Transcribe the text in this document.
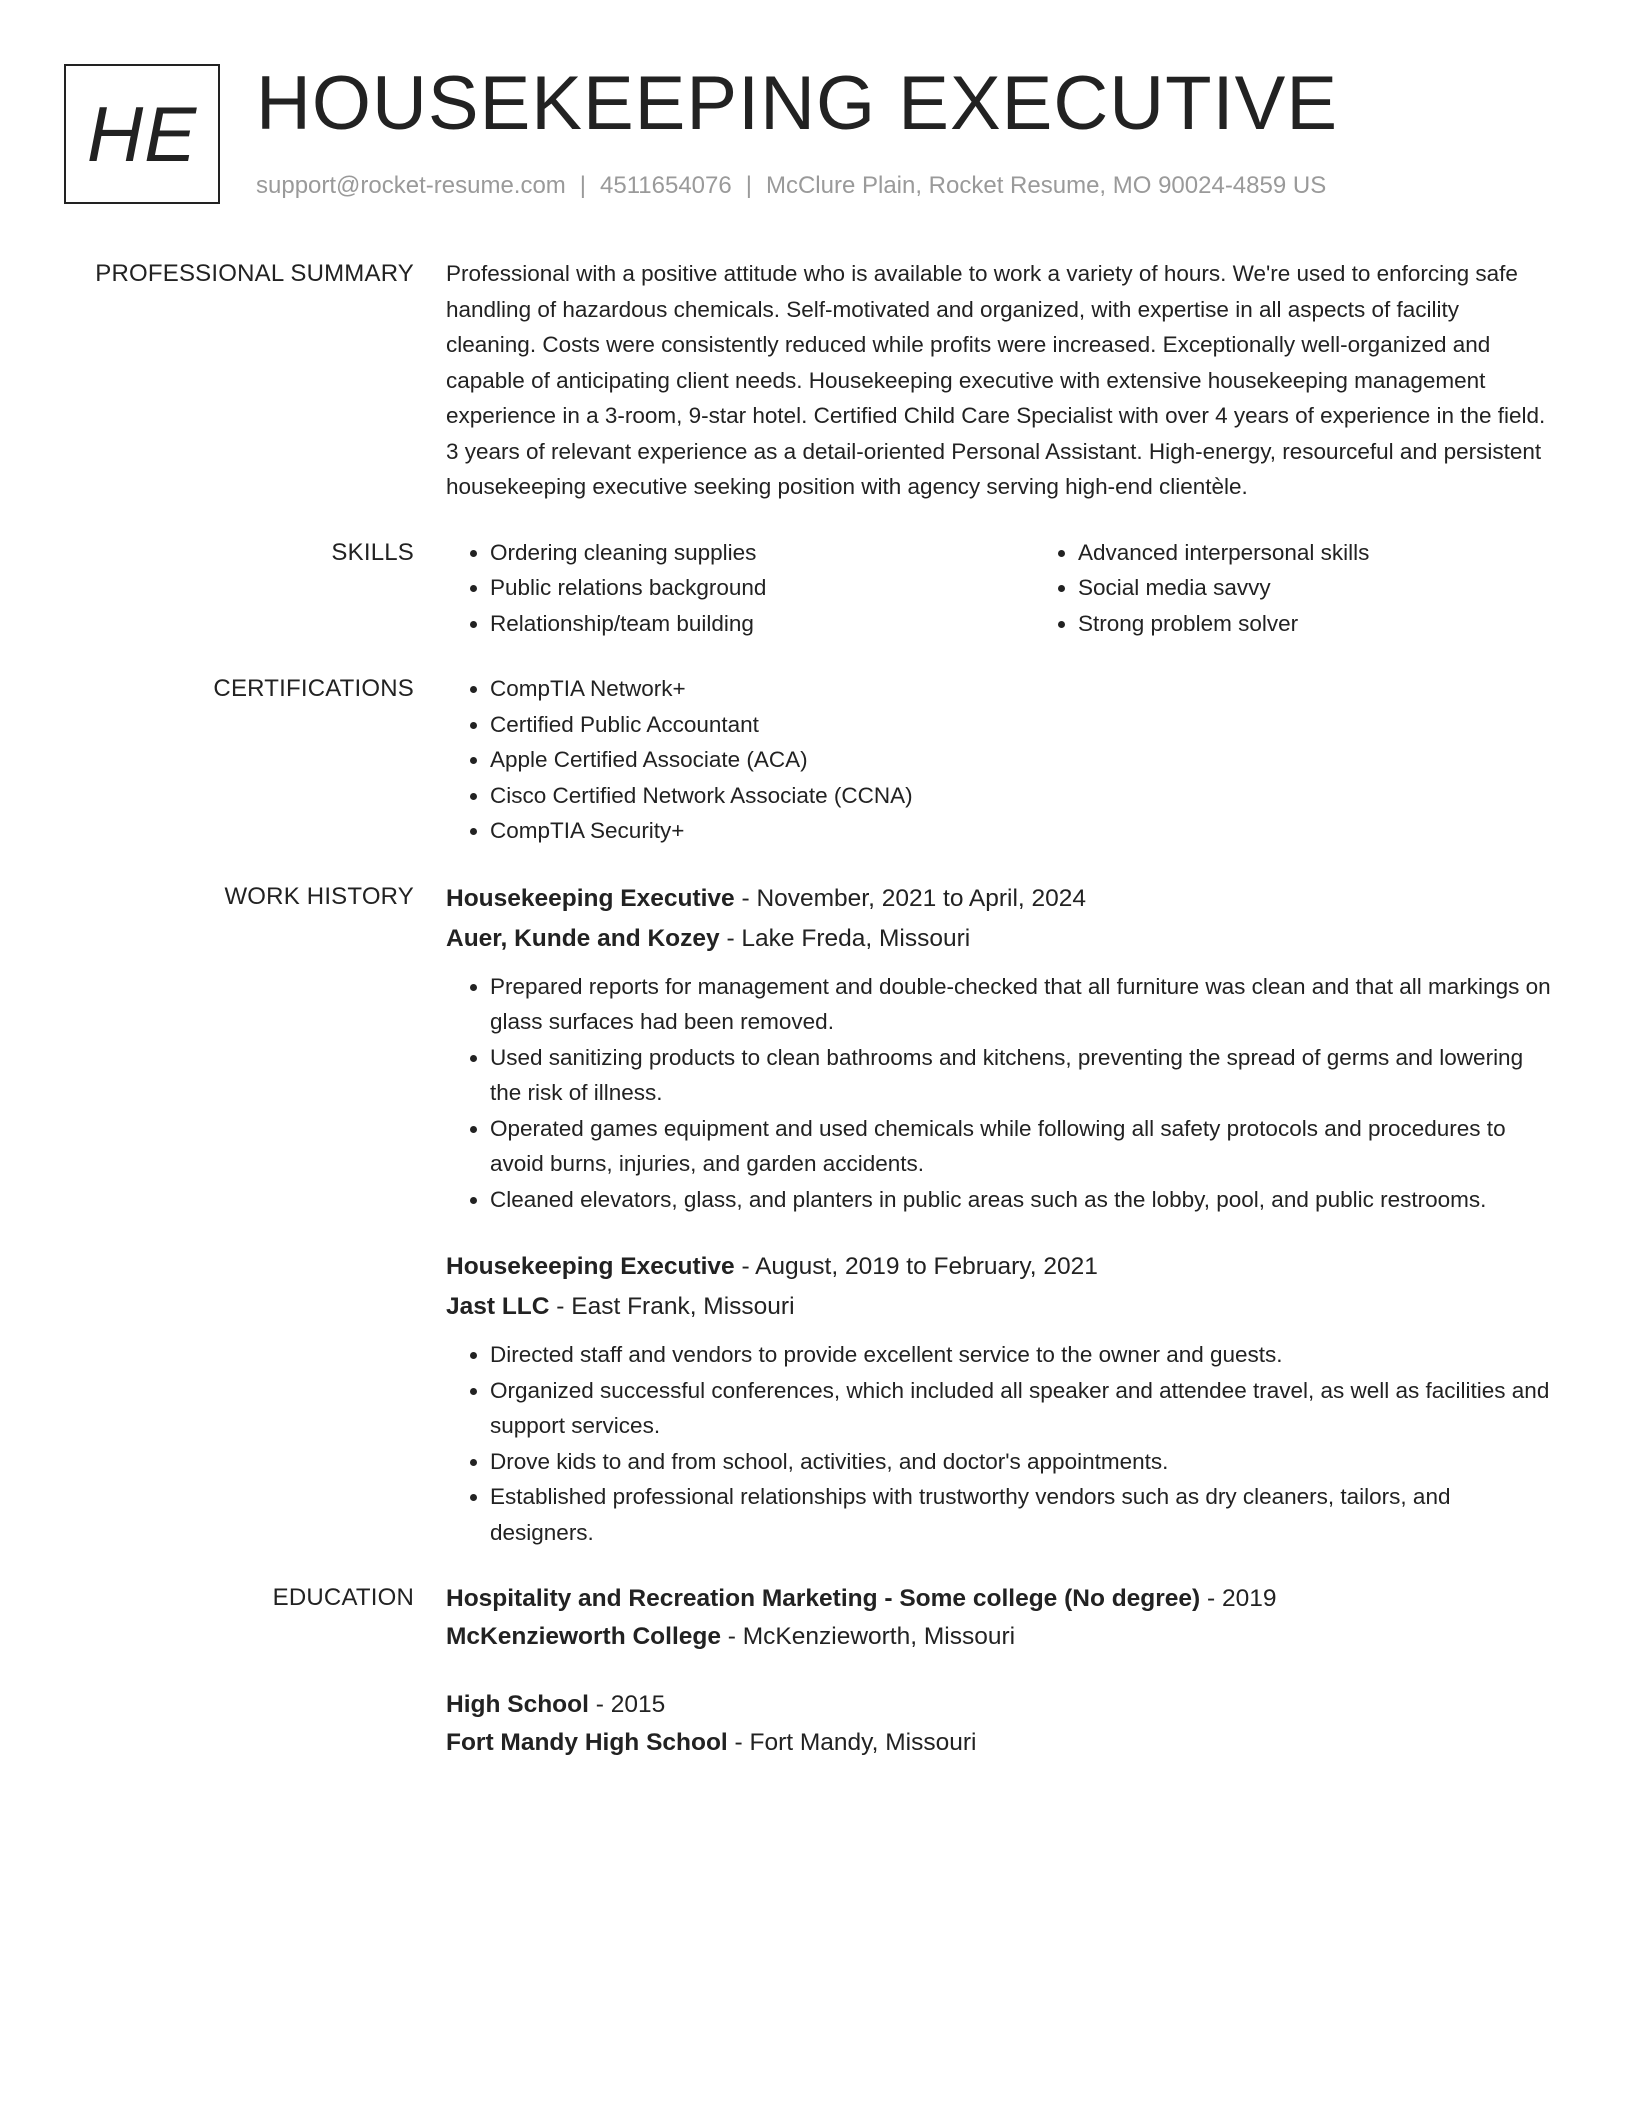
HE HOUSEKEEPING EXECUTIVE
support@rocket-resume.com | 4511654076 | McClure Plain, Rocket Resume, MO 90024-4859 US
PROFESSIONAL SUMMARY Professional with a positive attitude who is available to work a variety of hours. We're used to enforcing safe handling of hazardous chemicals. Self-motivated and organized, with expertise in all aspects of facility cleaning. Costs were consistently reduced while profits were increased. Exceptionally well-organized and capable of anticipating client needs. Housekeeping executive with extensive housekeeping management experience in a 3-room, 9-star hotel. Certified Child Care Specialist with over 4 years of experience in the field. 3 years of relevant experience as a detail-oriented Personal Assistant. High-energy, resourceful and persistent housekeeping executive seeking position with agency serving high-end clientèle.

SKILLS	• Ordering cleaning supplies
• Public relations background
• Relationship/team building
• Advanced interpersonal skills
• Social media savvy
• Strong problem solver
CERTIFICATIONS	• CompTIA Network+
• Certified Public Accountant
• Apple Certified Associate (ACA)
• Cisco Certified Network Associate (CCNA)
• CompTIA Security+
WORK HISTORY Housekeeping Executive - November, 2021 to April, 2024
Auer, Kunde and Kozey - Lake Freda, Missouri
• Prepared reports for management and double-checked that all furniture was clean and that all markings on glass surfaces had been removed.
• Used sanitizing products to clean bathrooms and kitchens, preventing the spread of germs and lowering the risk of illness.
• Operated games equipment and used chemicals while following all safety protocols and procedures to avoid burns, injuries, and garden accidents.
• Cleaned elevators, glass, and planters in public areas such as the lobby, pool, and public restrooms.
Housekeeping Executive - August, 2019 to February, 2021
Jast LLC - East Frank, Missouri
• Directed staff and vendors to provide excellent service to the owner and guests.
• Organized successful conferences, which included all speaker and attendee travel, as well as facilities and support services.
• Drove kids to and from school, activities, and doctor's appointments.
• Established professional relationships with trustworthy vendors such as dry cleaners, tailors, and designers.
EDUCATION Hospitality and Recreation Marketing - Some college (No degree) - 2019
McKenzieworth College - McKenzieworth, Missouri
High School - 2015
Fort Mandy High School - Fort Mandy, Missouri
